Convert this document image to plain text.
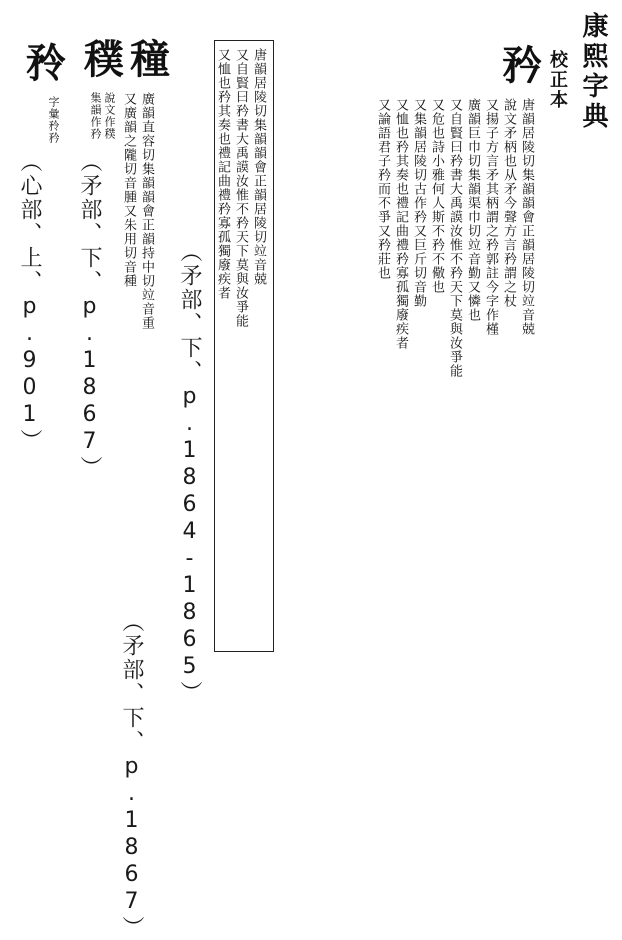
康熙字典
校正本
矜
唐韻居陵切集韻韻會正韻居陵切竝音兢
說文矛柄也从矛今聲方言矜謂之杖
又揚子方言矛其柄謂之矜郭註今字作槿
廣韻巨巾切集韻渠巾切竝音勤又憐也
又自賢曰矜書大禹謨汝惟不矜天下莫與汝爭能
又危也詩小雅何人斯不矜不儆也
又集韻居陵切古作矜又巨斤切音勤
又恤也矜其奏也禮記曲禮矜寡孤獨廢疾者
又論語君子矜而不爭又矜莊也
唐韻居陵切集韻韻會正韻居陵切竝音兢
又自賢曰矜書大禹謨汝惟不矜天下莫與汝爭能
又恤也矜其奏也禮記曲禮矜寡孤獨廢疾者
（矛部、下、p.1864-1865）
穜
廣韻直容切集韻韻會正韻持中切竝音重
又廣韻之隴切音腫又朱用切音種
（矛部、下、p.1867）
穙
說文作穙
集韻作矜
（矛部、下、p.1867）
矝
字彙矝矜
（心部、上、p.901）
